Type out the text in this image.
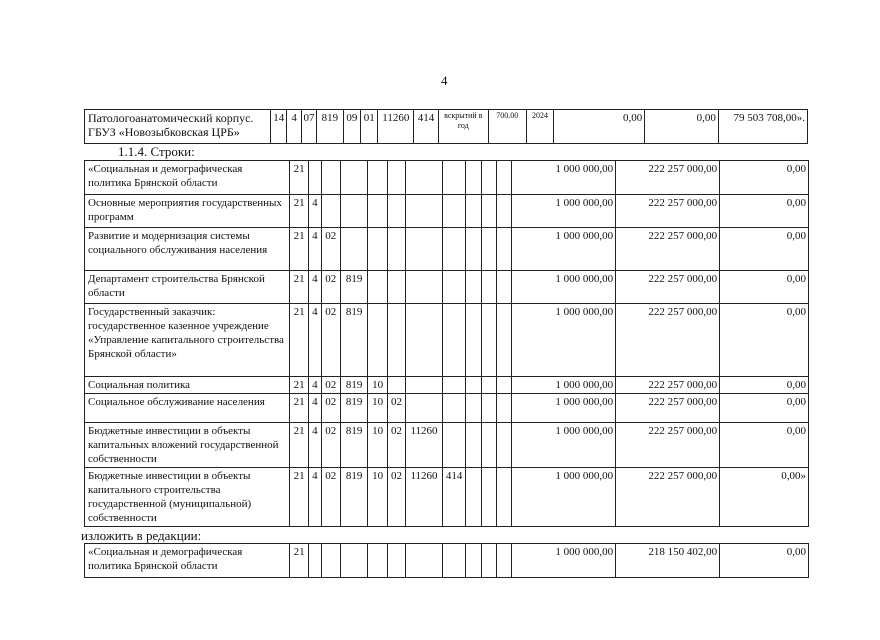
4
Патологоанатомический корпус. ГБУЗ «Новозыбковская ЦРБ»	14	4	07	819	09	01	11260	414	вскрытий в год	700.00	2024	0,00	0,00	79 503 708,00».
1.1.4. Строки:
«Социальная и демографическая политика Брянской области	21											1 000 000,00	222 257 000,00	0,00
Основные мероприятия государственных программ	21	4										1 000 000,00	222 257 000,00	0,00
Развитие и модернизация системы социального обслуживания населения	21	4	02									1 000 000,00	222 257 000,00	0,00
Департамент строительства Брянской области	21	4	02	819								1 000 000,00	222 257 000,00	0,00
Государственный заказчик: государственное казенное учреждение «Управление капитального строительства Брянской области»	21	4	02	819								1 000 000,00	222 257 000,00	0,00
Социальная политика	21	4	02	819	10							1 000 000,00	222 257 000,00	0,00
Социальное обслуживание населения	21	4	02	819	10	02						1 000 000,00	222 257 000,00	0,00
Бюджетные инвестиции в объекты капитальных вложений государственной собственности	21	4	02	819	10	02	11260					1 000 000,00	222 257 000,00	0,00
Бюджетные инвестиции в объекты капитального строительства государственной (муниципальной) собственности	21	4	02	819	10	02	11260	414				1 000 000,00	222 257 000,00	0,00»
изложить в редакции:
«Социальная и демографическая политика Брянской области	21											1 000 000,00	218 150 402,00	0,00
